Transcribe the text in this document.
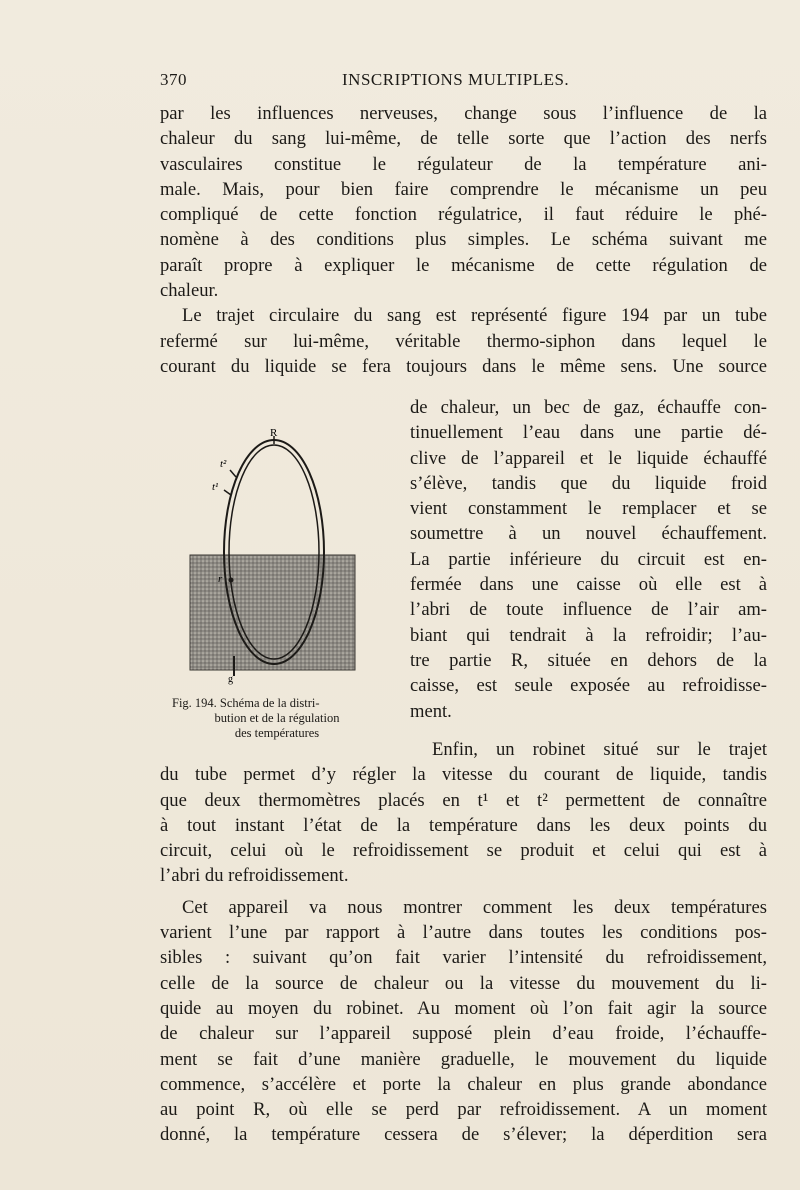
370	INSCRIPTIONS MULTIPLES.

par les influences nerveuses, change sous l’influence de la

chaleur du sang lui-même, de telle sorte que l’action des nerfs

vasculaires constitue le régulateur de la température ani-

male. Mais, pour bien faire comprendre le mécanisme un peu

compliqué de cette fonction régulatrice, il faut réduire le phé-

nomène à des conditions plus simples. Le schéma suivant me

paraît propre à expliquer le mécanisme de cette régulation de

chaleur.

Le trajet circulaire du sang est représenté figure 194 par un tube

refermé sur lui-même, véritable thermo-siphon dans lequel le

courant du liquide se fera toujours dans le même sens. Une source

de chaleur, un bec de gaz, échauffe con-

tinuellement l’eau dans une partie dé-

clive de l’appareil et le liquide échauffé

s’élève, tandis que du liquide froid

vient constamment le remplacer et se

soumettre à un nouvel échauffement.

La partie inférieure du circuit est en-

fermée dans une caisse où elle est à

l’abri de toute influence de l’air am-

biant qui tendrait à la refroidir; l’au-

tre partie R, située en dehors de la

caisse, est seule exposée au refroidisse-

ment.

R
t²
t¹
r
g
Fig. 194. Schéma de la distri-
bution et de la régulation
des températures

Enfin, un robinet situé sur le trajet

du tube permet d’y régler la vitesse du courant de liquide, tandis

que deux thermomètres placés en t¹ et t² permettent de connaître

à tout instant l’état de la température dans les deux points du

circuit, celui où le refroidissement se produit et celui qui est à

l’abri du refroidissement.

Cet appareil va nous montrer comment les deux températures

varient l’une par rapport à l’autre dans toutes les conditions pos-

sibles : suivant qu’on fait varier l’intensité du refroidissement,

celle de la source de chaleur ou la vitesse du mouvement du li-

quide au moyen du robinet. Au moment où l’on fait agir la source

de chaleur sur l’appareil supposé plein d’eau froide, l’échauffe-

ment se fait d’une manière graduelle, le mouvement du liquide

commence, s’accélère et porte la chaleur en plus grande abondance

au point R, où elle se perd par refroidissement. A un moment

donné, la température cessera de s’élever; la déperdition sera
